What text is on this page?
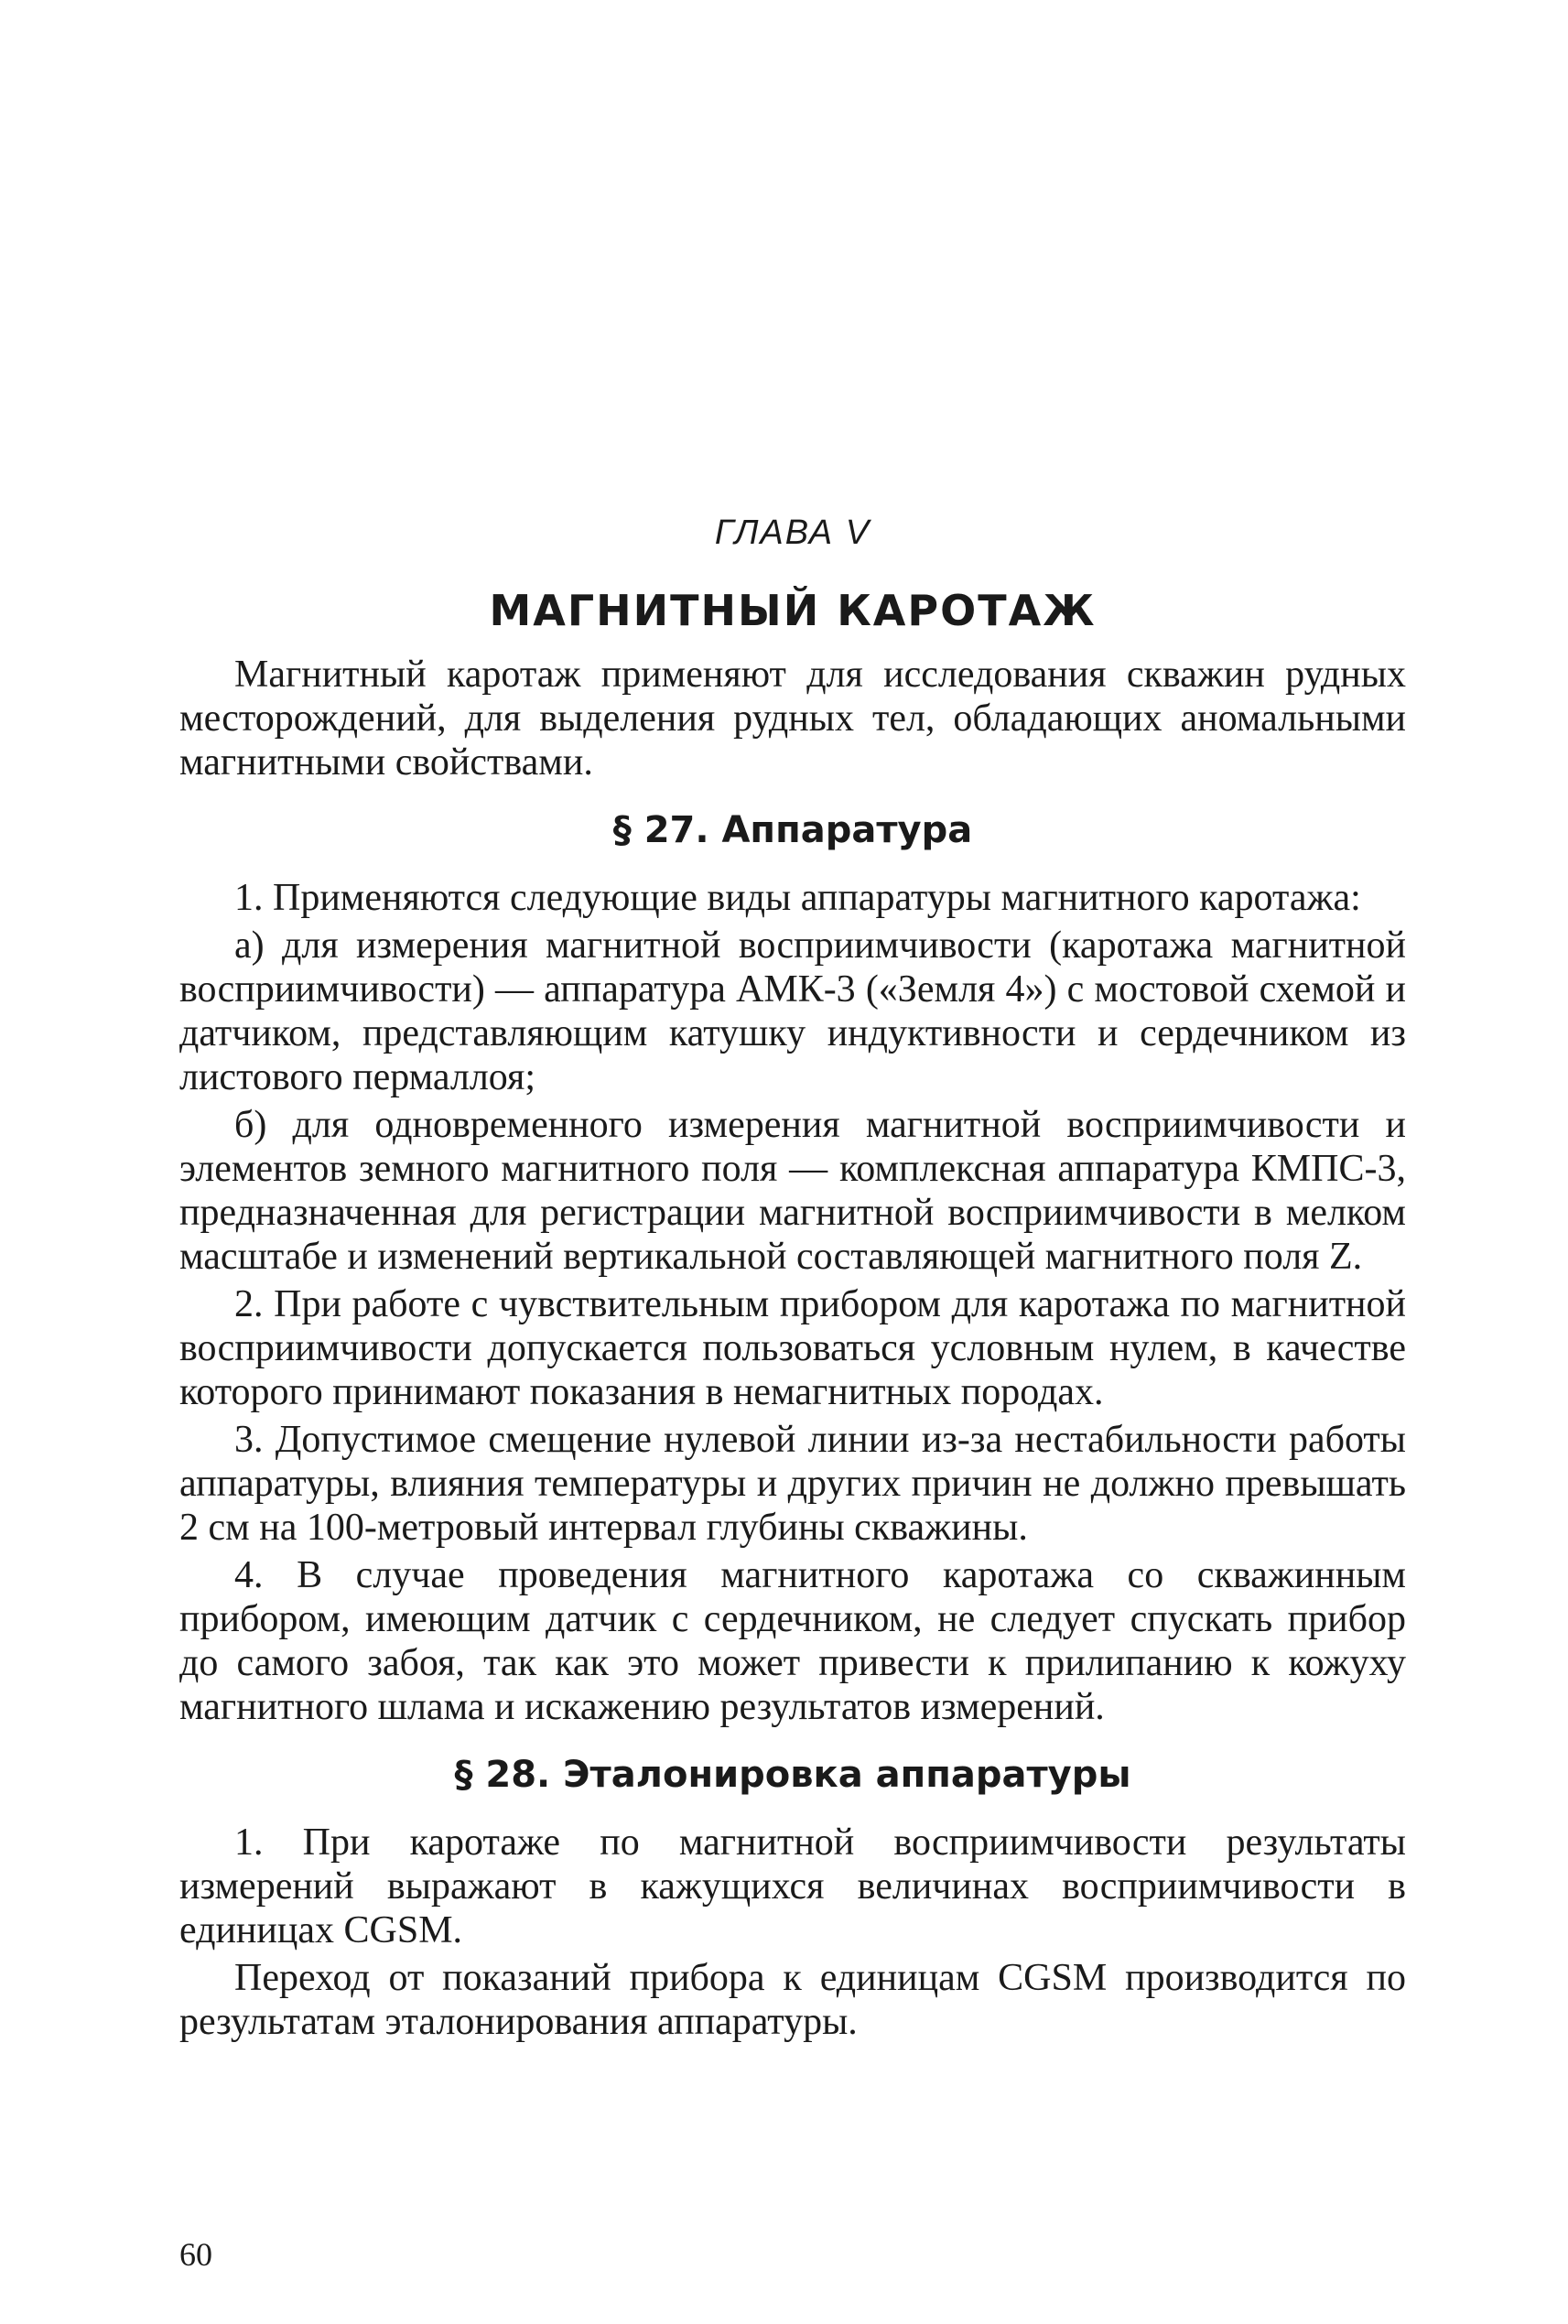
ГЛАВА V
МАГНИТНЫЙ КАРОТАЖ

Магнитный каротаж применяют для исследования скважин рудных месторождений, для выделения рудных тел, обладающих аномальными магнитными свойствами.

§ 27. Аппаратура

1. Применяются следующие виды аппаратуры магнитного каротажа:

а) для измерения магнитной восприимчивости (каротажа магнитной восприимчивости) — аппаратура АМК-3 («Земля 4») с мостовой схемой и датчиком, представляющим катушку индуктивности и сердечником из листового пермаллоя;

б) для одновременного измерения магнитной восприимчивости и элементов земного магнитного поля — комплексная аппаратура КМПС-3, предназначенная для регистрации магнитной восприимчивости в мелком масштабе и изменений вертикальной составляющей магнитного поля Z.

2. При работе с чувствительным прибором для каротажа по магнитной восприимчивости допускается пользоваться условным нулем, в качестве которого принимают показания в немагнитных породах.

3. Допустимое смещение нулевой линии из-за нестабильности работы аппаратуры, влияния температуры и других причин не должно превышать 2 см на 100-метровый интервал глубины скважины.

4. В случае проведения магнитного каротажа со скважинным прибором, имеющим датчик с сердечником, не следует спускать прибор до самого забоя, так как это может привести к прилипанию к кожуху магнитного шлама и искажению результатов измерений.

§ 28. Эталонировка аппаратуры

1. При каротаже по магнитной восприимчивости результаты измерений выражают в кажущихся величинах восприимчивости в единицах CGSM.

Переход от показаний прибора к единицам CGSM производится по результатам эталонирования аппаратуры.

60
